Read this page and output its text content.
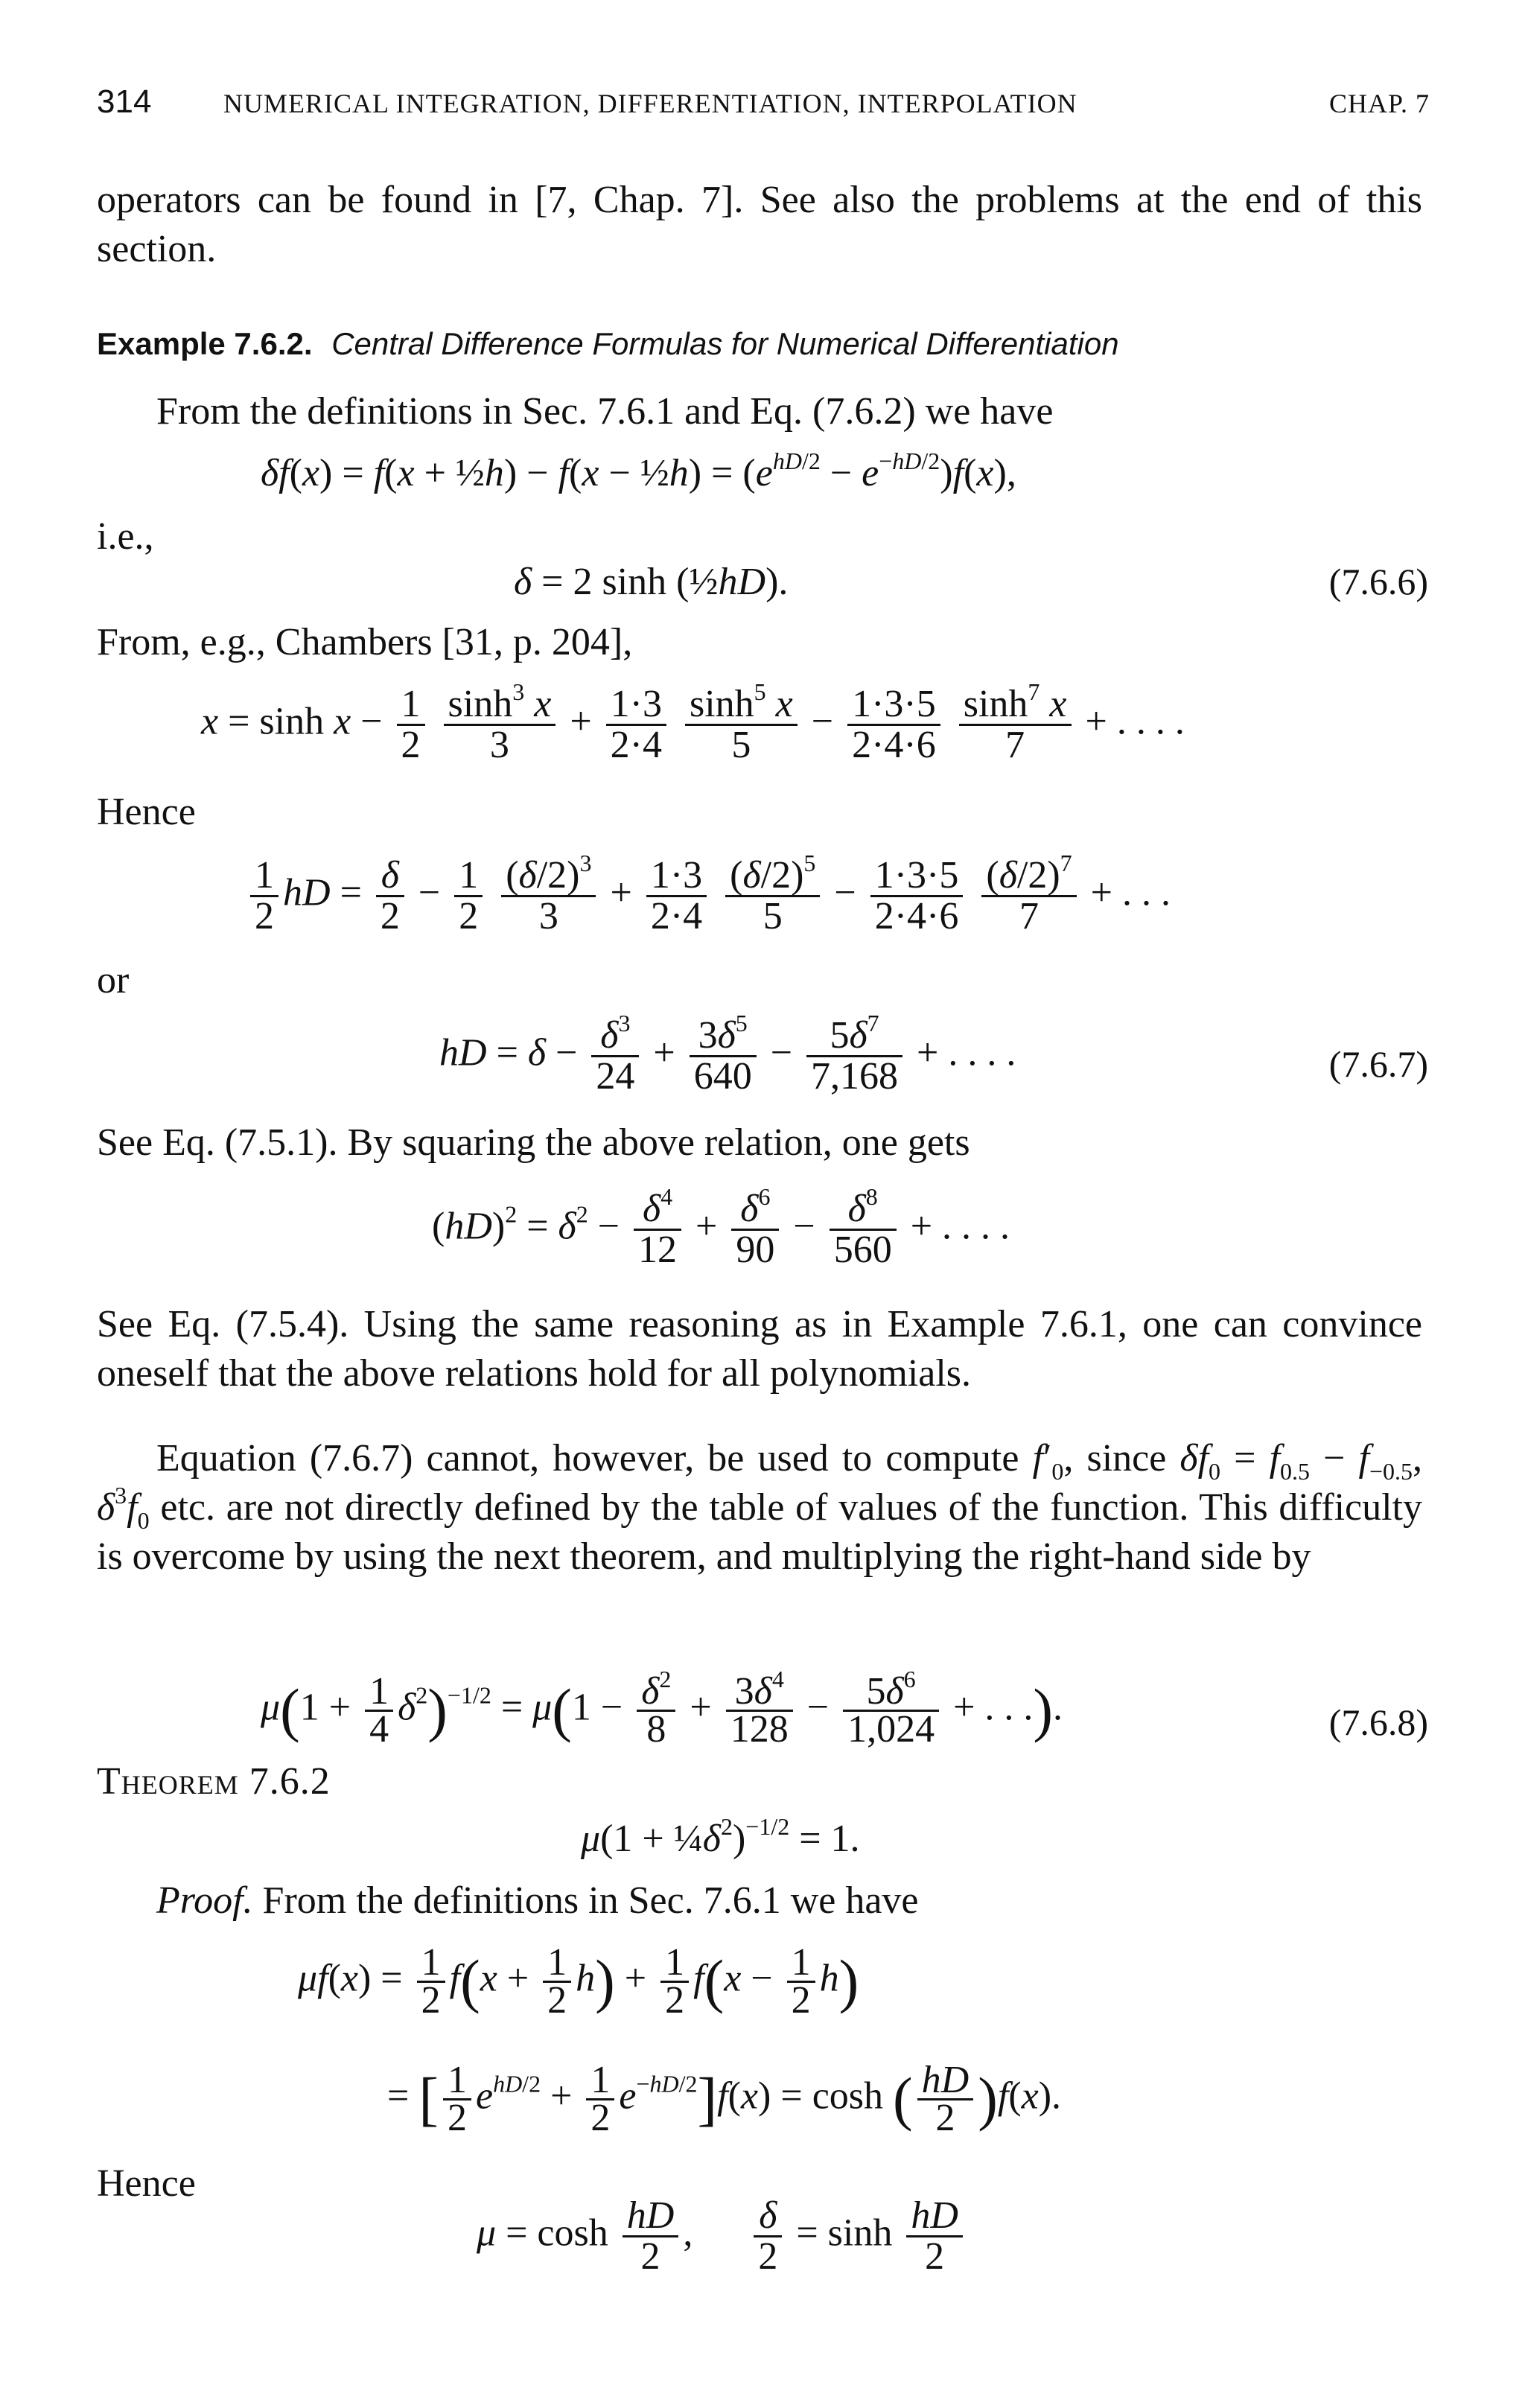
314	NUMERICAL INTEGRATION, DIFFERENTIATION, INTERPOLATION	CHAP. 7
operators can be found in [7, Chap. 7]. See also the problems at the end of this section.
Example 7.6.2. Central Difference Formulas for Numerical Differentiation
From the definitions in Sec. 7.6.1 and Eq. (7.6.2) we have
δf(x) = f(x + ½h) − f(x − ½h) = $(e^{hD/2} - e^{-hD/2})f(x)$,
i.e.,
δ = 2 sinh (½hD).	(7.6.6)
From, e.g., Chambers [31, p. 204],
$x = \sinh x - \frac{1}{2}$
$\frac{\sinh^3 x}{3} + \frac{1\cdot 3}{2\cdot 4}$
$\frac{\sinh^5 x}{5} - \frac{1\cdot 3\cdot 5}{2\cdot 4\cdot 6}$
$\frac{\sinh^7 x}{7}$ + . . . .
Hence
$\frac{1}{2}$ hD = $\frac{\delta}{2} - \frac{1}{2}$
$\frac{(\delta/2)^3}{3} + \frac{1\cdot 3}{2\cdot 4}$
$\frac{(\delta/2)^5}{5} - \frac{1\cdot 3\cdot 5}{2\cdot 4\cdot 6}$
$\frac{(\delta/2)^7}{7}$ + . . .
or
hD = $\delta - \frac{\delta^3}{24} + \frac{3\delta^5}{640} - \frac{5\delta^7}{7,168}$ + . . . .	(7.6.7)
See Eq. (7.5.1). By squaring the above relation, one gets
$(hD)^2 = \delta^2 - \frac{\delta^4}{12} + \frac{\delta^6}{90} - \frac{\delta^8}{560}$ + . . . .
See Eq. (7.5.4). Using the same reasoning as in Example 7.6.1, one can convince oneself that the above relations hold for all polynomials.
Equation (7.6.7) cannot, however, be used to compute $f'_0$, since $\delta f_0 = f_{0.5} - f_{-0.5}$, $\delta^3f_0$ etc. are not directly defined by the table of values of the function. This difficulty is overcome by using the next theorem, and multiplying the right-hand side by
$\mu(1 + \frac{1}{4} \delta^2)^{-1/2} = \mu(1 - \frac{\delta^2}{8} + \frac{3\delta^4}{128} - \frac{5\delta^6}{1,024}$ + . . .).	(7.6.8)
Theorem 7.6.2
$\mu(1 + \frac{1}{4}\delta^2)^{-1/2} = 1$.
Proof. From the definitions in Sec. 7.6.1 we have
$\mu f(x) = \frac{1}{2} f(x + \frac{1}{2} h) + \frac{1}{2} f(x - \frac{1}{2} h)$
= [ $\frac{1}{2} e^{hD/2} + \frac{1}{2} e^{-hD/2}]f(x) = \cosh$ ( $\frac{hD}{2} )f(x)$.
Hence
$\mu = \cosh \frac{hD}{2}$ , $\frac{\delta}{2} = \sinh \frac{hD}{2}$
